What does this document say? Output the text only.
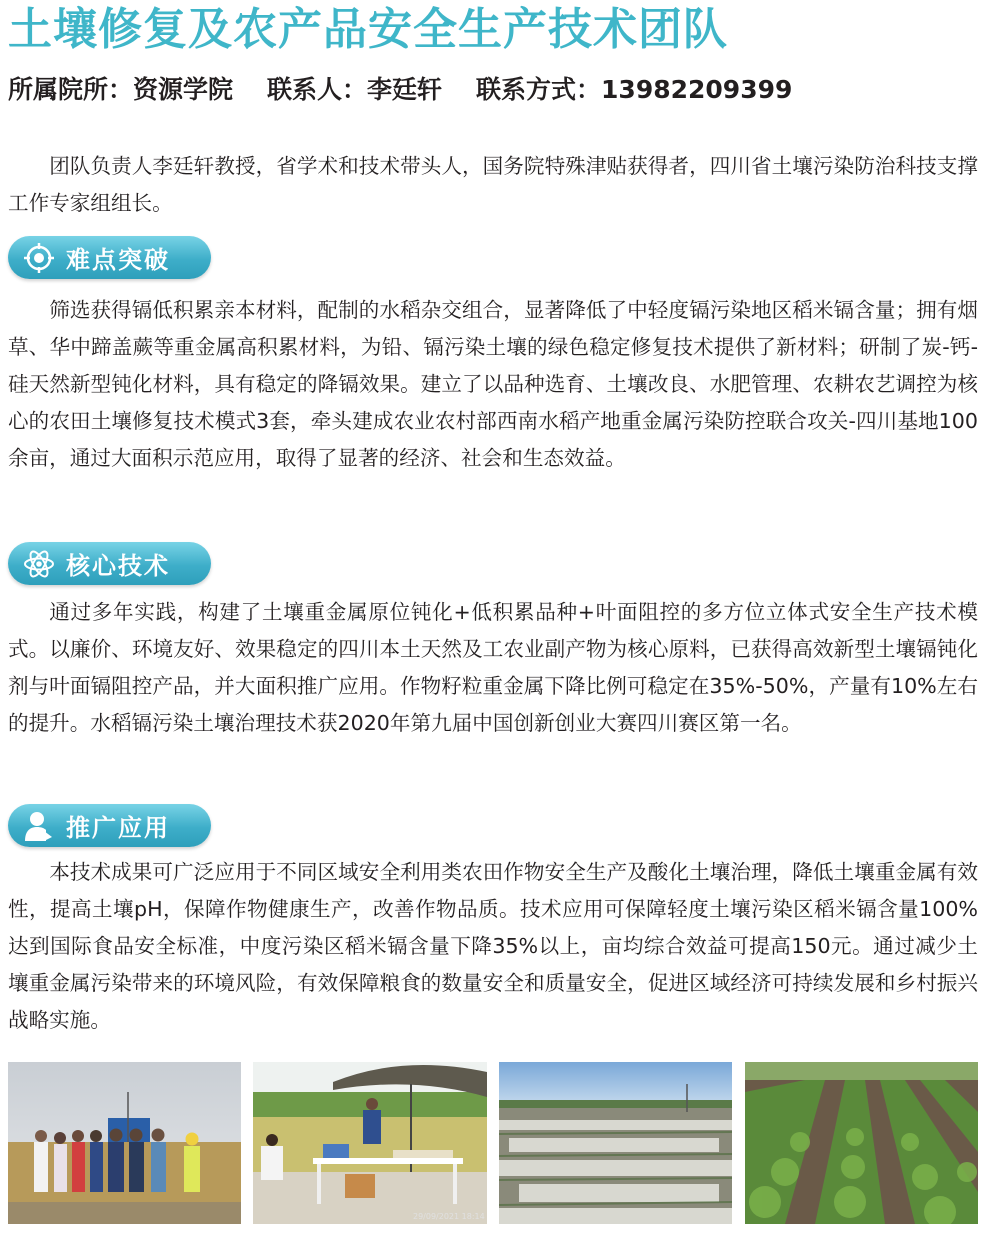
土壤修复及农产品安全生产技术团队
所属院所：资源学院 联系人：李廷轩 联系方式：13982209399

团队负责人李廷轩教授，省学术和技术带头人，国务院特殊津贴获得者，四川省土壤污染防治科技支撑工作专家组组长。

难点突破

筛选获得镉低积累亲本材料，配制的水稻杂交组合，显著降低了中轻度镉污染地区稻米镉含量；拥有烟草、华中蹄盖蕨等重金属高积累材料，为铅、镉污染土壤的绿色稳定修复技术提供了新材料；研制了炭-钙-硅天然新型钝化材料，具有稳定的降镉效果。建立了以品种选育、土壤改良、水肥管理、农耕农艺调控为核心的农田土壤修复技术模式3套，牵头建成农业农村部西南水稻产地重金属污染防控联合攻关-四川基地100余亩，通过大面积示范应用，取得了显著的经济、社会和生态效益。

核心技术

通过多年实践，构建了土壤重金属原位钝化+低积累品种+叶面阻控的多方位立体式安全生产技术模式。以廉价、环境友好、效果稳定的四川本土天然及工农业副产物为核心原料，已获得高效新型土壤镉钝化剂与叶面镉阻控产品，并大面积推广应用。作物籽粒重金属下降比例可稳定在35%-50%，产量有10%左右的提升。水稻镉污染土壤治理技术获2020年第九届中国创新创业大赛四川赛区第一名。

推广应用

本技术成果可广泛应用于不同区域安全利用类农田作物安全生产及酸化土壤治理，降低土壤重金属有效性，提高土壤pH，保障作物健康生产，改善作物品质。技术应用可保障轻度土壤污染区稻米镉含量100%达到国际食品安全标准，中度污染区稻米镉含量下降35%以上，亩均综合效益可提高150元。通过减少土壤重金属污染带来的环境风险，有效保障粮食的数量安全和质量安全，促进区域经济可持续发展和乡村振兴战略实施。

29/09/2021 18:14
